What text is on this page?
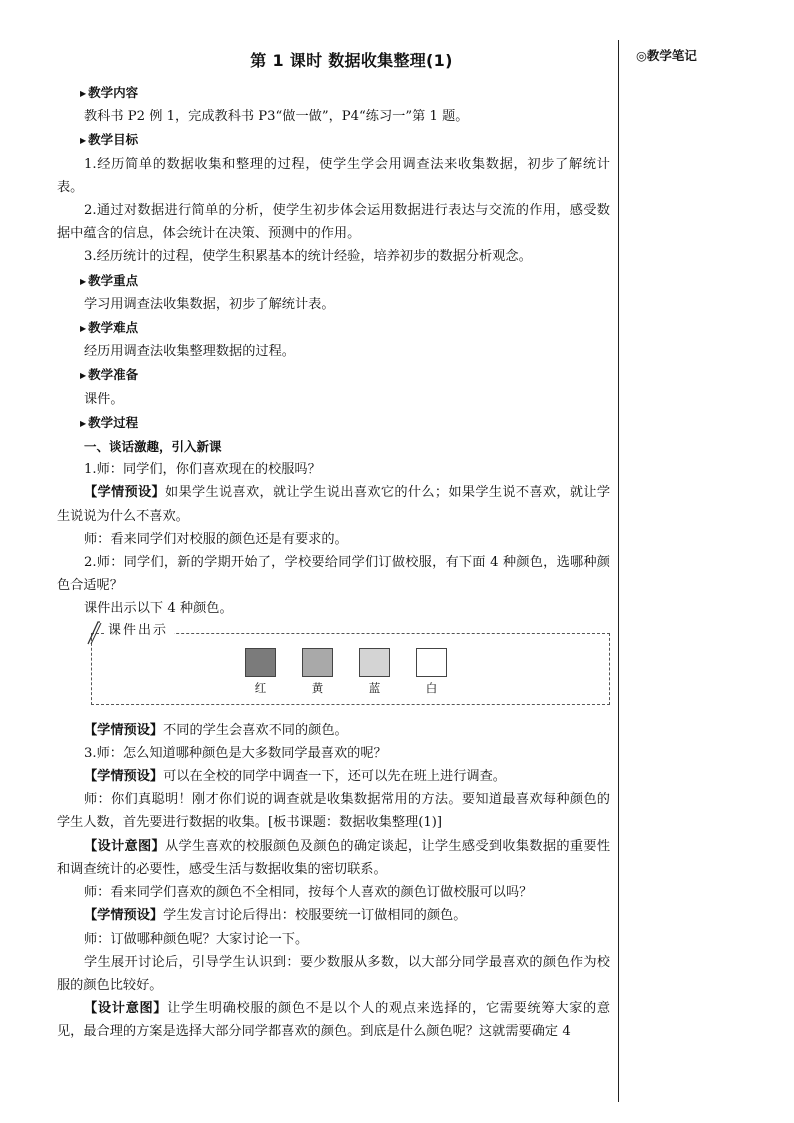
◎教学笔记
第 1 课时 数据收集整理(1)
▶ 教学内容

教科书 P2 例 1，完成教科书 P3“做一做”，P4“练习一”第 1 题。

▶ 教学目标

1.经历简单的数据收集和整理的过程，使学生学会用调查法来收集数据，初步了解统计表。

2.通过对数据进行简单的分析，使学生初步体会运用数据进行表达与交流的作用，感受数据中蕴含的信息，体会统计在决策、预测中的作用。

3.经历统计的过程，使学生积累基本的统计经验，培养初步的数据分析观念。

▶ 教学重点

学习用调查法收集数据，初步了解统计表。

▶ 教学难点

经历用调查法收集整理数据的过程。

▶ 教学准备

课件。

▶ 教学过程
一、谈话激趣，引入新课

1.师：同学们，你们喜欢现在的校服吗？

【学情预设】如果学生说喜欢，就让学生说出喜欢它的什么；如果学生说不喜欢，就让学生说说为什么不喜欢。

师：看来同学们对校服的颜色还是有要求的。

2.师：同学们，新的学期开始了，学校要给同学们订做校服，有下面 4 种颜色，选哪种颜色合适呢？

课件出示以下 4 种颜色。

课件出示
红	黄	蓝	白

【学情预设】不同的学生会喜欢不同的颜色。

3.师：怎么知道哪种颜色是大多数同学最喜欢的呢？

【学情预设】可以在全校的同学中调查一下，还可以先在班上进行调查。

师：你们真聪明！刚才你们说的调查就是收集数据常用的方法。要知道最喜欢每种颜色的学生人数，首先要进行数据的收集。[板书课题：数据收集整理(1)]

【设计意图】从学生喜欢的校服颜色及颜色的确定谈起，让学生感受到收集数据的重要性和调查统计的必要性，感受生活与数据收集的密切联系。

师：看来同学们喜欢的颜色不全相同，按每个人喜欢的颜色订做校服可以吗？

【学情预设】学生发言讨论后得出：校服要统一订做相同的颜色。

师：订做哪种颜色呢？大家讨论一下。

学生展开讨论后，引导学生认识到：要少数服从多数，以大部分同学最喜欢的颜色作为校服的颜色比较好。

【设计意图】让学生明确校服的颜色不是以个人的观点来选择的，它需要统筹大家的意见，最合理的方案是选择大部分同学都喜欢的颜色。到底是什么颜色呢？这就需要确定 4
